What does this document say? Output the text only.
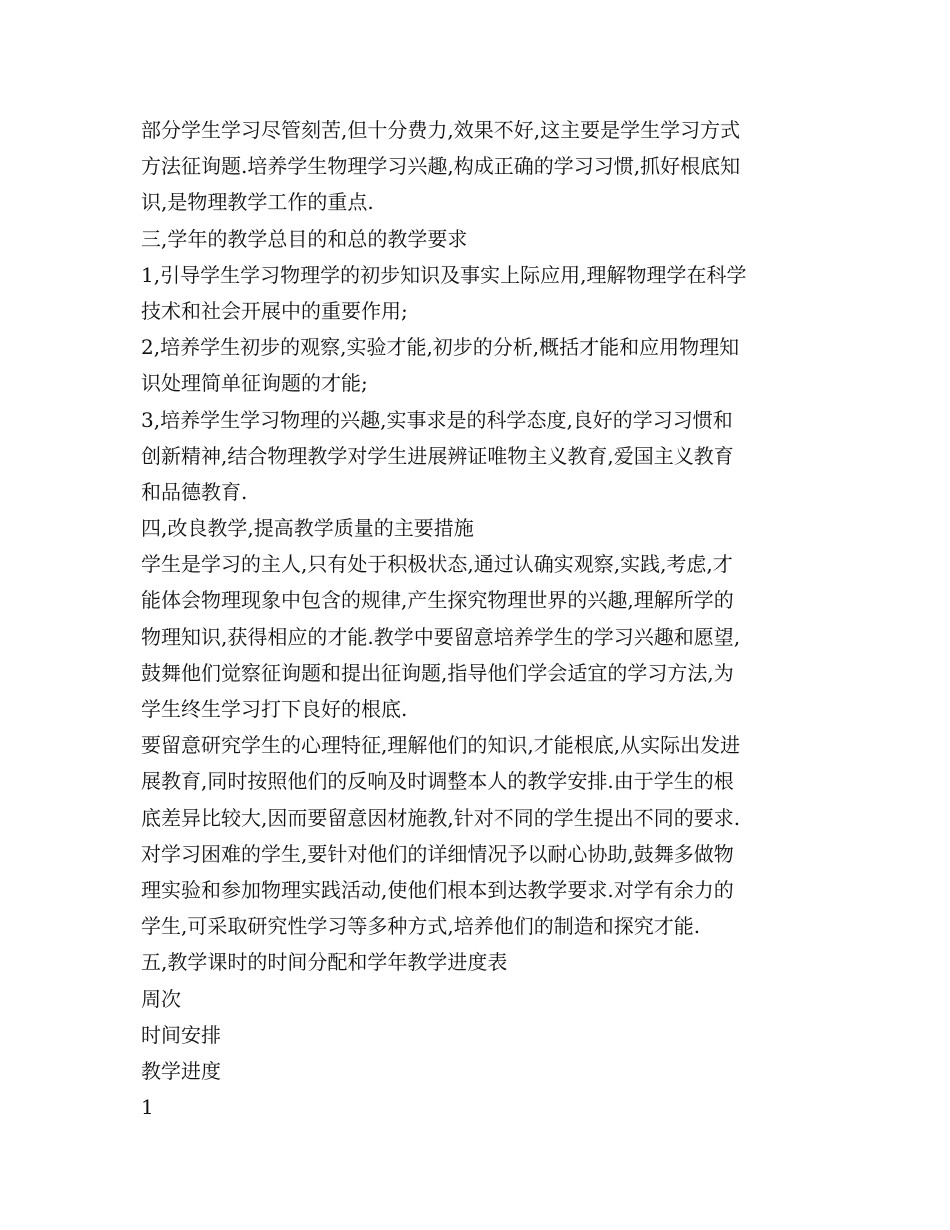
部分学生学习尽管刻苦,但十分费力,效果不好,这主要是学生学习方式
方法征询题.培养学生物理学习兴趣,构成正确的学习习惯,抓好根底知
识,是物理教学工作的重点.
三,学年的教学总目的和总的教学要求
1,引导学生学习物理学的初步知识及事实上际应用,理解物理学在科学
技术和社会开展中的重要作用;
2,培养学生初步的观察,实验才能,初步的分析,概括才能和应用物理知
识处理简单征询题的才能;
3,培养学生学习物理的兴趣,实事求是的科学态度,良好的学习习惯和
创新精神,结合物理教学对学生进展辨证唯物主义教育,爱国主义教育
和品德教育.
四,改良教学,提高教学质量的主要措施
学生是学习的主人,只有处于积极状态,通过认确实观察,实践,考虑,才
能体会物理现象中包含的规律,产生探究物理世界的兴趣,理解所学的
物理知识,获得相应的才能.教学中要留意培养学生的学习兴趣和愿望,
鼓舞他们觉察征询题和提出征询题,指导他们学会适宜的学习方法,为
学生终生学习打下良好的根底.
要留意研究学生的心理特征,理解他们的知识,才能根底,从实际出发进
展教育,同时按照他们的反响及时调整本人的教学安排.由于学生的根
底差异比较大,因而要留意因材施教,针对不同的学生提出不同的要求.
对学习困难的学生,要针对他们的详细情况予以耐心协助,鼓舞多做物
理实验和参加物理实践活动,使他们根本到达教学要求.对学有余力的
学生,可采取研究性学习等多种方式,培养他们的制造和探究才能.
五,教学课时的时间分配和学年教学进度表
周次
时间安排
教学进度
1
